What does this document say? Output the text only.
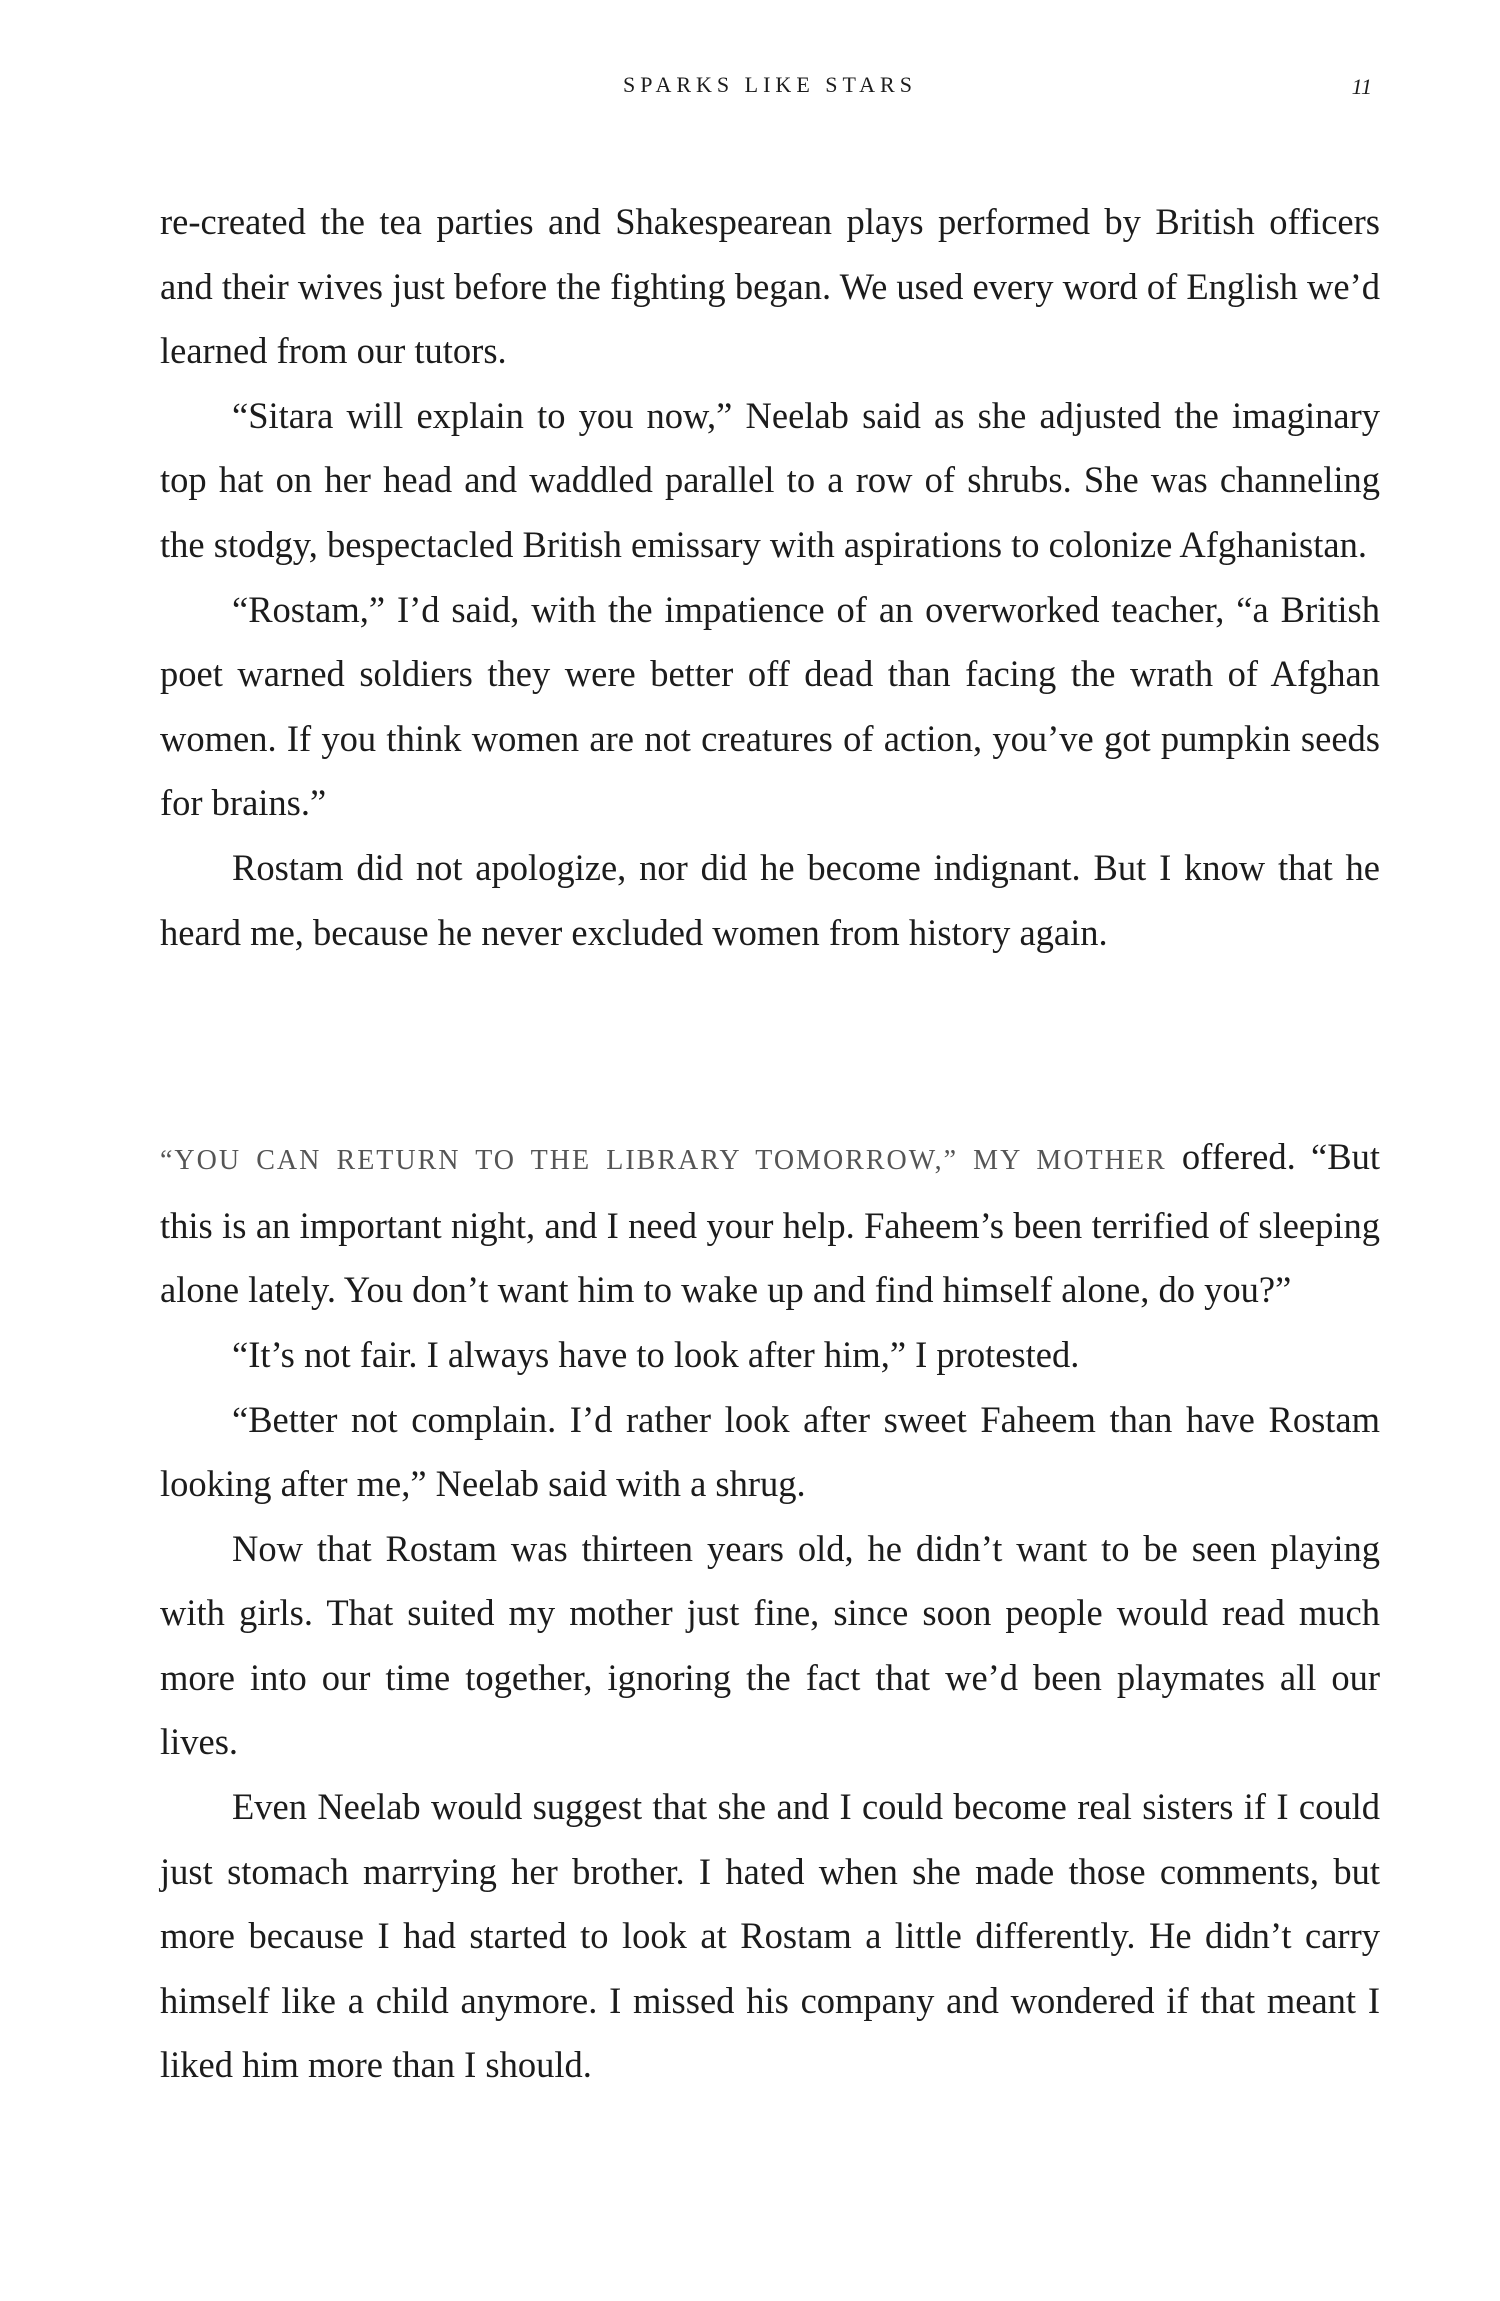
SPARKS LIKE STARS	11

re-created the tea parties and Shakespearean plays performed by British officers and their wives just before the fighting began. We used every word of English we’d learned from our tutors.

“Sitara will explain to you now,” Neelab said as she adjusted the imaginary top hat on her head and waddled parallel to a row of shrubs. She was channeling the stodgy, bespectacled British emissary with aspirations to colonize Afghanistan.

“Rostam,” I’d said, with the impatience of an overworked teacher, “a British poet warned soldiers they were better off dead than facing the wrath of Afghan women. If you think women are not creatures of action, you’ve got pumpkin seeds for brains.”

Rostam did not apologize, nor did he become indignant. But I know that he heard me, because he never excluded women from history again.

“YOU CAN RETURN TO THE LIBRARY TOMORROW,” MY MOTHER offered. “But this is an important night, and I need your help. Faheem’s been terrified of sleeping alone lately. You don’t want him to wake up and find himself alone, do you?”

“It’s not fair. I always have to look after him,” I protested.

“Better not complain. I’d rather look after sweet Faheem than have Rostam looking after me,” Neelab said with a shrug.

Now that Rostam was thirteen years old, he didn’t want to be seen playing with girls. That suited my mother just fine, since soon people would read much more into our time together, ignoring the fact that we’d been playmates all our lives.

Even Neelab would suggest that she and I could become real sisters if I could just stomach marrying her brother. I hated when she made those comments, but more because I had started to look at Rostam a little differently. He didn’t carry himself like a child anymore. I missed his company and wondered if that meant I liked him more than I should.
